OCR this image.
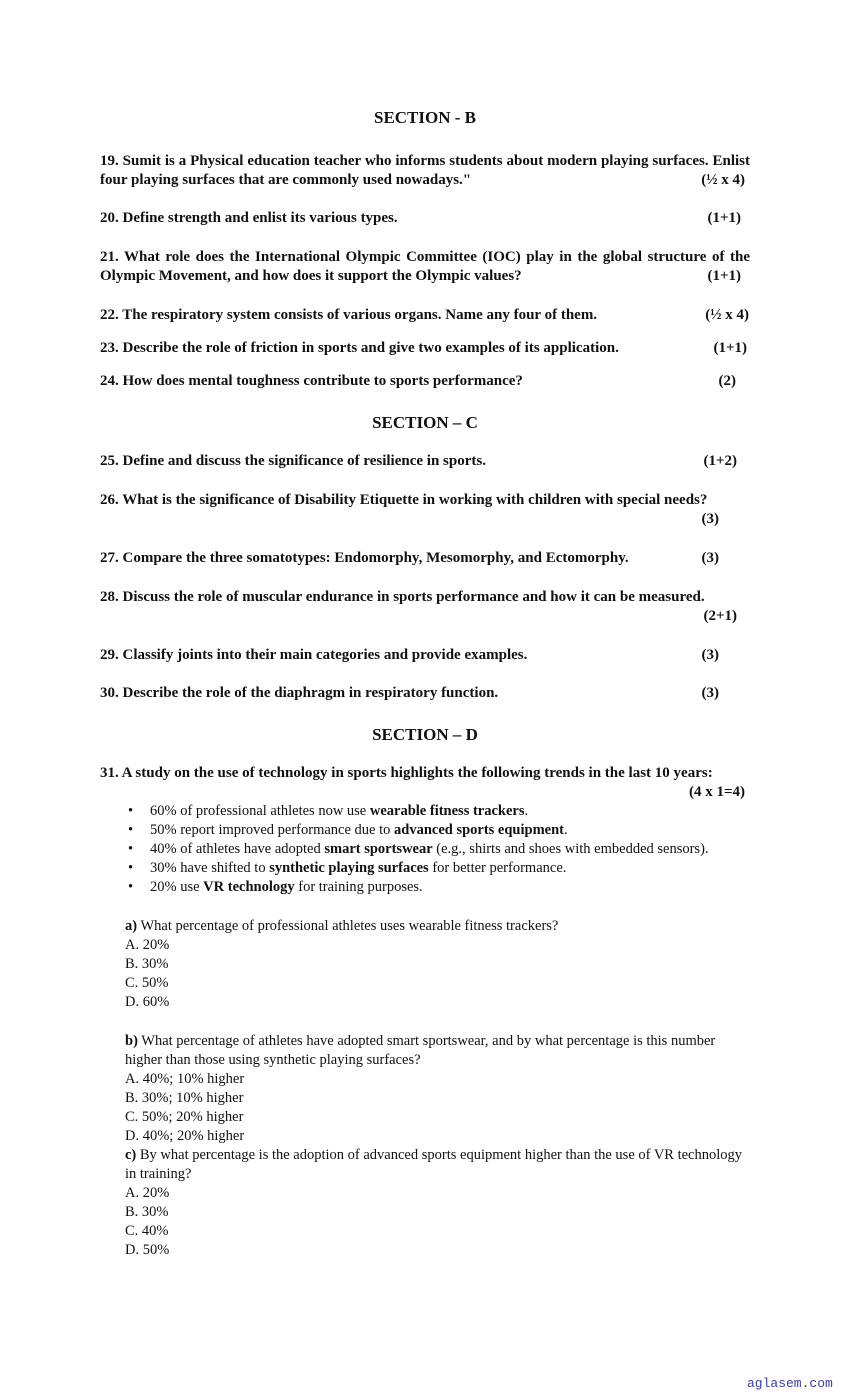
SECTION - B
19. Sumit is a Physical education teacher who informs students about modern playing surfaces. Enlist four playing surfaces that are commonly used nowadays."	(½ x 4)
20. Define strength and enlist its various types.	(1+1)
21. What role does the International Olympic Committee (IOC) play in the global structure of the Olympic Movement, and how does it support the Olympic values?	(1+1)
22. The respiratory system consists of various organs. Name any four of them.	(½ x 4)
23. Describe the role of friction in sports and give two examples of its application.	(1+1)
24. How does mental toughness contribute to sports performance?	(2)
SECTION – C
25. Define and discuss the significance of resilience in sports.	(1+2)
26. What is the significance of Disability Etiquette in working with children with special needs?
(3)
27. Compare the three somatotypes: Endomorphy, Mesomorphy, and Ectomorphy.	(3)
28. Discuss the role of muscular endurance in sports performance and how it can be measured.
(2+1)
29. Classify joints into their main categories and provide examples.	(3)
30. Describe the role of the diaphragm in respiratory function.	(3)
SECTION – D
31. A study on the use of technology in sports highlights the following trends in the last 10 years:
(4 x 1=4)
• 60% of professional athletes now use wearable fitness trackers.
• 50% report improved performance due to advanced sports equipment.
• 40% of athletes have adopted smart sportswear (e.g., shirts and shoes with embedded sensors).
• 30% have shifted to synthetic playing surfaces for better performance.
• 20% use VR technology for training purposes.
a) What percentage of professional athletes uses wearable fitness trackers?
A. 20%
B. 30%
C. 50%
D. 60%
b) What percentage of athletes have adopted smart sportswear, and by what percentage is this number higher than those using synthetic playing surfaces?
A. 40%; 10% higher
B. 30%; 10% higher
C. 50%; 20% higher
D. 40%; 20% higher
c) By what percentage is the adoption of advanced sports equipment higher than the use of VR technology in training?
A. 20%
B. 30%
C. 40%
D. 50%
aglasem.com
